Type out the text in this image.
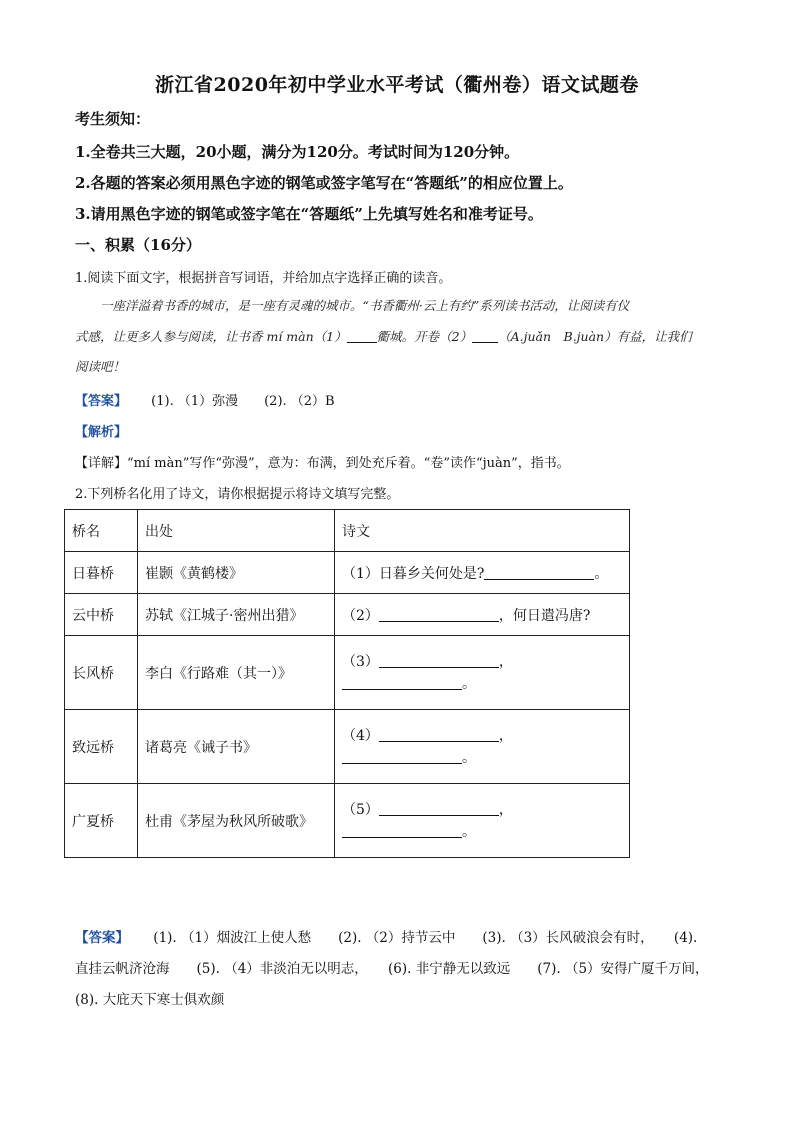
浙江省2020年初中学业水平考试（衢州卷）语文试题卷
考生须知：
1.全卷共三大题，20小题，满分为120分。考试时间为120分钟。
2.各题的答案必须用黑色字迹的钢笔或签字笔写在“答题纸”的相应位置上。
3.请用黑色字迹的钢笔或签字笔在“答题纸”上先填写姓名和准考证号。
一、积累（16分）
1.阅读下面文字，根据拼音写词语，并给加点字选择正确的读音。
一座洋溢着书香的城市，是一座有灵魂的城市。“书香衢州·云上有约”系列读书活动，让阅读有仪
式感，让更多人参与阅读，让书香 mí màn（1） 衢城。开卷（2） （A.juǎn　B.juàn）有益，让我们
阅读吧！
【答案】 (1). （1）弥漫　　(2). （2）B
【解析】
【详解】“mí màn”写作“弥漫”，意为：布满，到处充斥着。“卷”读作“juàn”，指书。
2.下列桥名化用了诗文，请你根据提示将诗文填写完整。
桥名	出处	诗文
日暮桥	崔颢《黄鹤楼》	（1）日暮乡关何处是? 。
云中桥	苏轼《江城子·密州出猎》	（2） ，何日遣冯唐?
长风桥	李白《行路难（其一）》	（3） ，
。

致远桥	诸葛亮《诫子书》	（4） ，
。

广夏桥	杜甫《茅屋为秋风所破歌》	（5） ，
。
【答案】 (1). （1）烟波江上使人愁　　(2). （2）持节云中　　(3). （3）长风破浪会有时，　　(4).
直挂云帆济沧海　　(5). （4）非淡泊无以明志，　　(6). 非宁静无以致远　　(7). （5）安得广厦千万间，
(8). 大庇天下寒士俱欢颜
